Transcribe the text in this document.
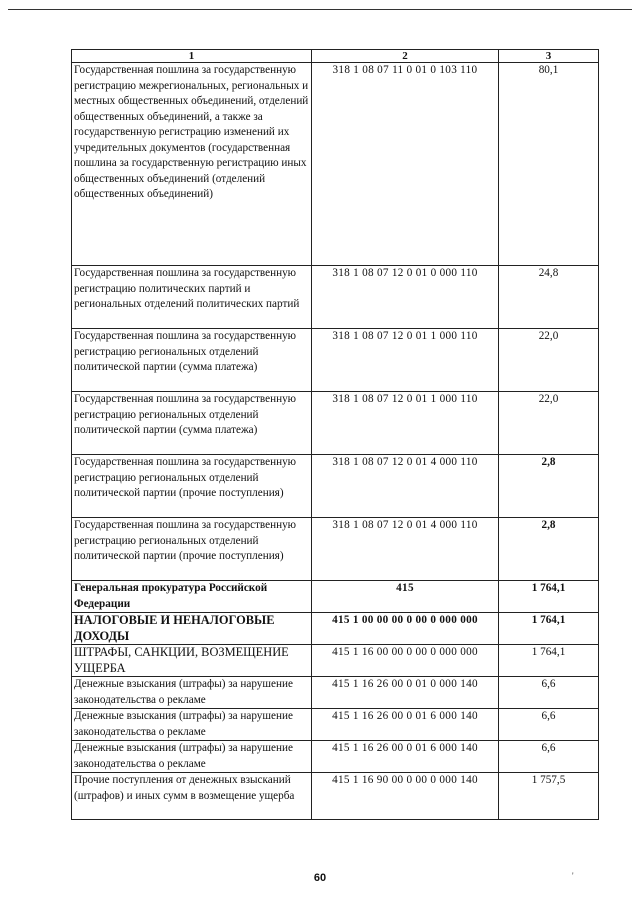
1	2	3
Государственная пошлина за государственную регистрацию межрегиональных, региональных и местных общественных объединений, отделений общественных объединений, а также за государственную регистрацию изменений их учредительных документов (государственная пошлина за государственную регистрацию иных общественных объединений (отделений общественных объединений)	318 1 08 07 11 0 01 0 103 110	80,1
Государственная пошлина за государственную регистрацию политических партий и региональных отделений политических партий	318 1 08 07 12 0 01 0 000 110	24,8
Государственная пошлина за государственную регистрацию региональных отделений политической партии (сумма платежа)	318 1 08 07 12 0 01 1 000 110	22,0
Государственная пошлина за государственную регистрацию региональных отделений политической партии (сумма платежа)	318 1 08 07 12 0 01 1 000 110	22,0
Государственная пошлина за государственную регистрацию региональных отделений политической партии (прочие поступления)	318 1 08 07 12 0 01 4 000 110	2,8
Государственная пошлина за государственную регистрацию региональных отделений политической партии (прочие поступления)	318 1 08 07 12 0 01 4 000 110	2,8
Генеральная прокуратура Российской Федерации	415	1 764,1
НАЛОГОВЫЕ И НЕНАЛОГОВЫЕ ДОХОДЫ	415 1 00 00 00 0 00 0 000 000	1 764,1
ШТРАФЫ, САНКЦИИ, ВОЗМЕЩЕНИЕ УЩЕРБА	415 1 16 00 00 0 00 0 000 000	1 764,1
Денежные взыскания (штрафы) за нарушение законодательства о рекламе	415 1 16 26 00 0 01 0 000 140	6,6
Денежные взыскания (штрафы) за нарушение законодательства о рекламе	415 1 16 26 00 0 01 6 000 140	6,6
Денежные взыскания (штрафы) за нарушение законодательства о рекламе	415 1 16 26 00 0 01 6 000 140	6,6
Прочие поступления от денежных взысканий (штрафов) и иных сумм в возмещение ущерба	415 1 16 90 00 0 00 0 000 140	1 757,5
60	'
